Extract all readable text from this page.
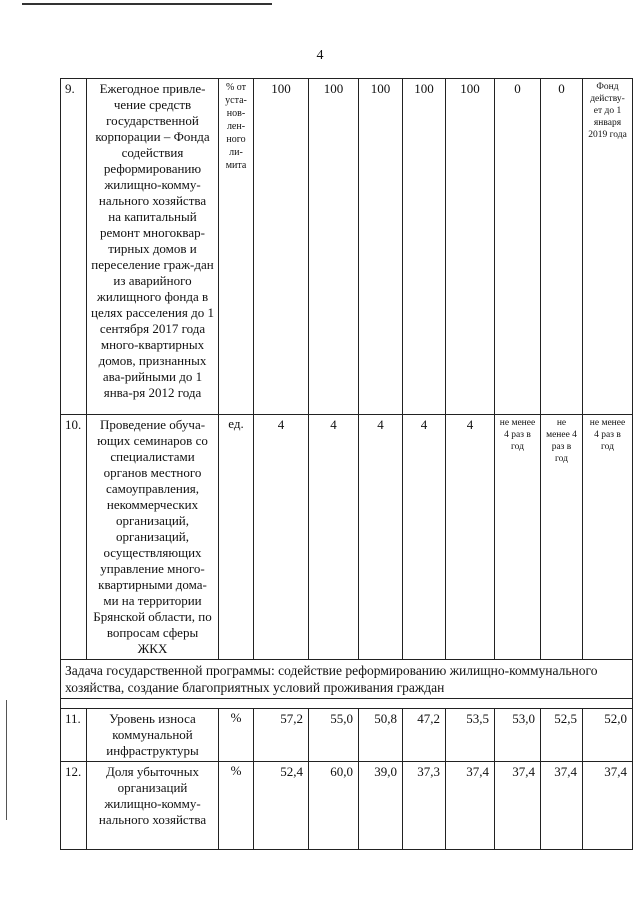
4
9.	Ежегодное привле-чение средств государственной корпорации – Фонда содействия реформированию жилищно-комму-нального хозяйства на капитальный ремонт многоквар-тирных домов и переселение граж-дан из аварийного жилищного фонда в целях расселения до 1 сентября 2017 года много-квартирных домов, признанных ава-рийными до 1 янва-ря 2012 года	% от уста-нов-лен-ного ли-мита	100	100	100	100	100	0	0	Фонд действу-ет до 1 января 2019 года
10.	Проведение обуча-ющих семинаров со специалистами органов местного самоуправления, некоммерческих организаций, организаций, осуществляющих управление много-квартирными дома-ми на территории Брянской области, по вопросам сферы ЖКХ	ед.	4	4	4	4	4	не менее 4 раз в год	не менее 4 раз в год	не менее 4 раз в год
Задача государственной программы: содействие реформированию жилищно-коммунального хозяйства, создание благоприятных условий проживания граждан										

11.	Уровень износа коммунальной инфраструктуры	%	57,2	55,0	50,8	47,2	53,5	53,0	52,5	52,0
12.	Доля убыточных организаций жилищно-комму-нального хозяйства	%	52,4	60,0	39,0	37,3	37,4	37,4	37,4	37,4
